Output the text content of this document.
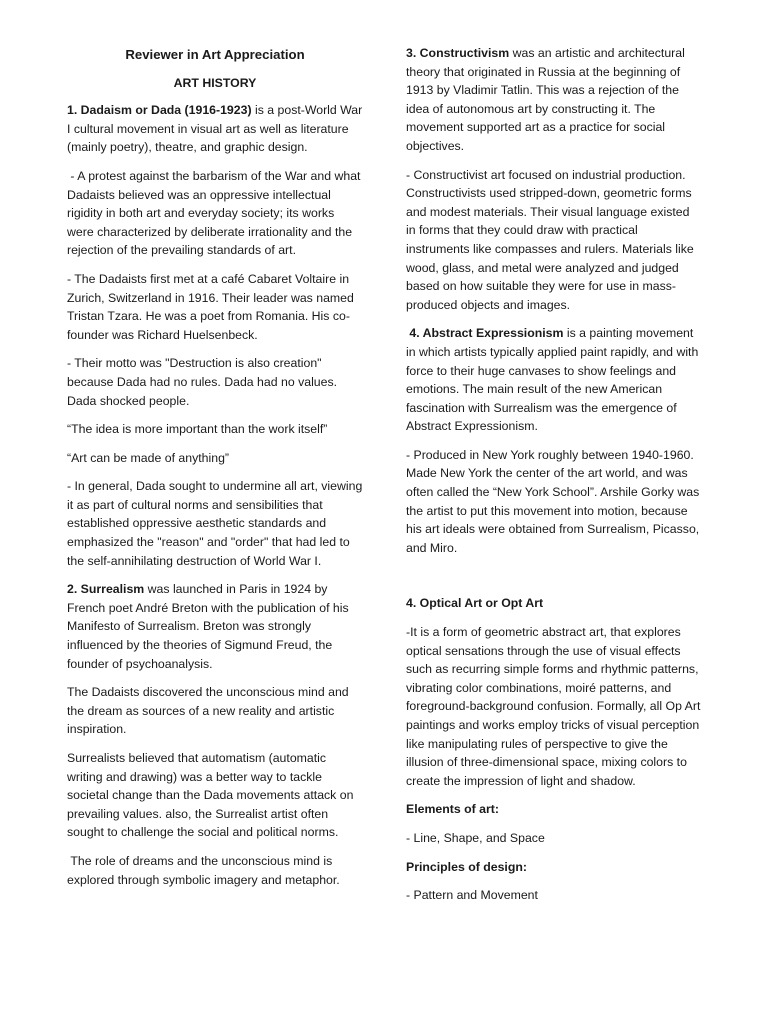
Reviewer in Art Appreciation
ART HISTORY

1. Dadaism or Dada (1916-1923) is a post-World War I cultural movement in visual art as well as literature (mainly poetry), theatre, and graphic design.

- A protest against the barbarism of the War and what Dadaists believed was an oppressive intellectual rigidity in both art and everyday society; its works were characterized by deliberate irrationality and the rejection of the prevailing standards of art.

- The Dadaists first met at a café Cabaret Voltaire in Zurich, Switzerland in 1916. Their leader was named Tristan Tzara. He was a poet from Romania. His co-founder was Richard Huelsenbeck.

- Their motto was "Destruction is also creation" because Dada had no rules. Dada had no values. Dada shocked people.

“The idea is more important than the work itself”

“Art can be made of anything”

- In general, Dada sought to undermine all art, viewing it as part of cultural norms and sensibilities that established oppressive aesthetic standards and emphasized the "reason" and "order" that had led to the self-annihilating destruction of World War I.

2. Surrealism was launched in Paris in 1924 by French poet André Breton with the publication of his Manifesto of Surrealism. Breton was strongly influenced by the theories of Sigmund Freud, the founder of psychoanalysis.

The Dadaists discovered the unconscious mind and the dream as sources of a new reality and artistic inspiration.

Surrealists believed that automatism (automatic writing and drawing) was a better way to tackle societal change than the Dada movements attack on prevailing values. also, the Surrealist artist often sought to challenge the social and political norms.

The role of dreams and the unconscious mind is explored through symbolic imagery and metaphor.

3. Constructivism was an artistic and architectural theory that originated in Russia at the beginning of 1913 by Vladimir Tatlin. This was a rejection of the idea of autonomous art by constructing it. The movement supported art as a practice for social objectives.

- Constructivist art focused on industrial production. Constructivists used stripped-down, geometric forms and modest materials. Their visual language existed in forms that they could draw with practical instruments like compasses and rulers. Materials like wood, glass, and metal were analyzed and judged based on how suitable they were for use in mass-produced objects and images.

4. Abstract Expressionism is a painting movement in which artists typically applied paint rapidly, and with force to their huge canvases to show feelings and emotions. The main result of the new American fascination with Surrealism was the emergence of Abstract Expressionism.

- Produced in New York roughly between 1940-1960. Made New York the center of the art world, and was often called the “New York School”. Arshile Gorky was the artist to put this movement into motion, because his art ideals were obtained from Surrealism, Picasso, and Miro.

4. Optical Art or Opt Art

-It is a form of geometric abstract art, that explores optical sensations through the use of visual effects such as recurring simple forms and rhythmic patterns, vibrating color combinations, moiré patterns, and foreground-background confusion. Formally, all Op Art paintings and works employ tricks of visual perception like manipulating rules of perspective to give the illusion of three-dimensional space, mixing colors to create the impression of light and shadow.

Elements of art:

- Line, Shape, and Space

Principles of design:

- Pattern and Movement
